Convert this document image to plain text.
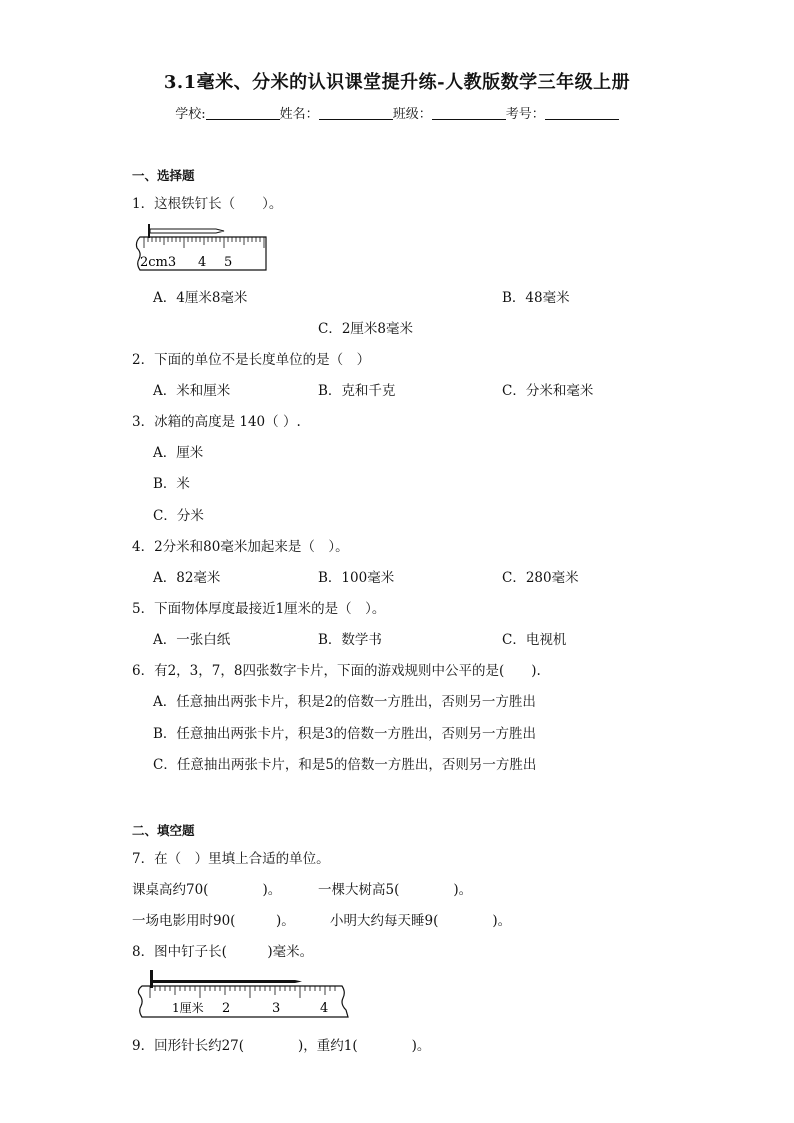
3.1毫米、分米的认识课堂提升练-人教版数学三年级上册
学校:	姓名：	班级：	考号：
一、选择题
1．这根铁钉长（　　）。
2cm3 4 5
A．4厘米8毫米	B．48毫米
C．2厘米8毫米
2．下面的单位不是长度单位的是（　）
A．米和厘米	B．克和千克	C．分米和毫米
3．冰箱的高度是 140（ ）.
A．厘米
B．米
C．分米
4．2分米和80毫米加起来是（　）。
A．82毫米	B．100毫米	C．280毫米
5．下面物体厚度最接近1厘米的是（　）。
A．一张白纸	B．数学书	C．电视机
6．有2，3，7，8四张数字卡片，下面的游戏规则中公平的是(　　).
A．任意抽出两张卡片，积是2的倍数一方胜出，否则另一方胜出
B．任意抽出两张卡片，积是3的倍数一方胜出，否则另一方胜出
C．任意抽出两张卡片，和是5的倍数一方胜出，否则另一方胜出
二、填空题
7．在（　）里填上合适的单位。
课桌高约70(　　　　)。	一棵大树高5(　　　　)。
一场电影用时90(　　　)。	小明大约每天睡9(　　　　)。
8．图中钉子长(　　　)毫米。
1厘米 2	3	4
9．回形针长约27(　　　　)，重约1(　　　　)。
